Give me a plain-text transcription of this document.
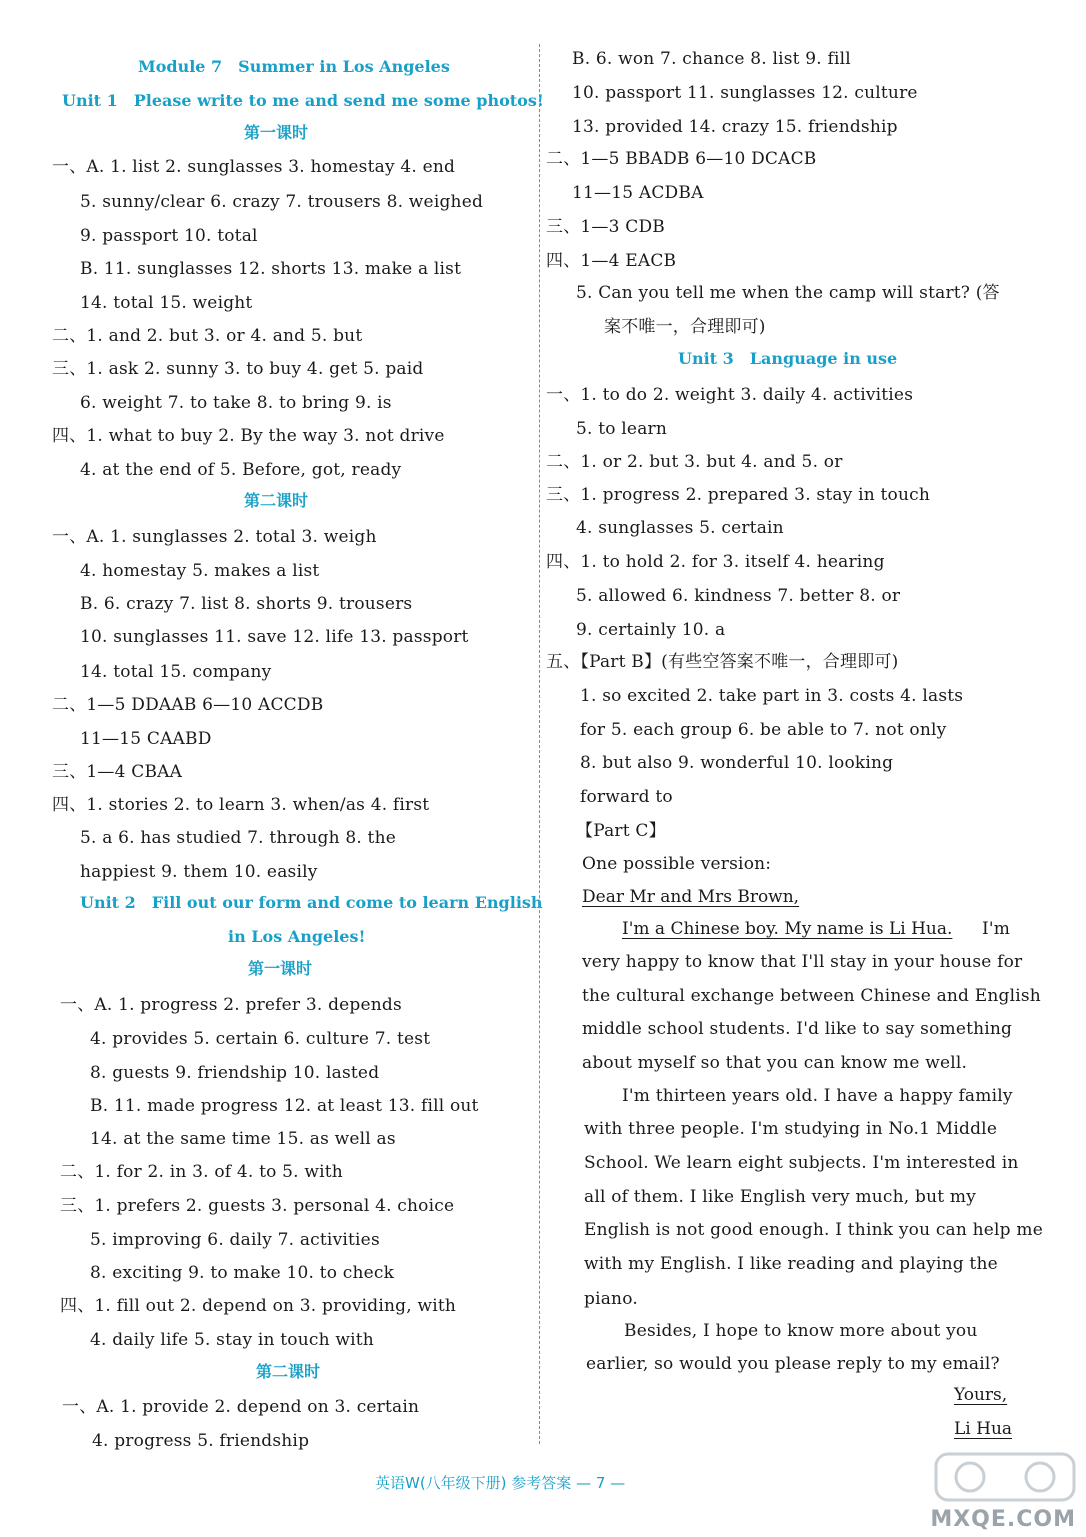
Module 7　Summer in Los Angeles
Unit 1　Please write to me and send me some photos!
第一课时
一、A. 1. list 2. sunglasses 3. homestay 4. end
5. sunny/clear 6. crazy 7. trousers 8. weighed
9. passport 10. total
B. 11. sunglasses 12. shorts 13. make a list
14. total 15. weight
二、1. and 2. but 3. or 4. and 5. but
三、1. ask 2. sunny 3. to buy 4. get 5. paid
6. weight 7. to take 8. to bring 9. is
四、1. what to buy 2. By the way 3. not drive
4. at the end of 5. Before, got, ready
第二课时
一、A. 1. sunglasses 2. total 3. weigh
4. homestay 5. makes a list
B. 6. crazy 7. list 8. shorts 9. trousers
10. sunglasses 11. save 12. life 13. passport
14. total 15. company
二、1—5 DDAAB 6—10 ACCDB
11—15 CAABD
三、1—4 CBAA
四、1. stories 2. to learn 3. when/as 4. first
5. a 6. has studied 7. through 8. the
happiest 9. them 10. easily
Unit 2　Fill out our form and come to learn English
in Los Angeles!
第一课时
一、A. 1. progress 2. prefer 3. depends
4. provides 5. certain 6. culture 7. test
8. guests 9. friendship 10. lasted
B. 11. made progress 12. at least 13. fill out
14. at the same time 15. as well as
二、1. for 2. in 3. of 4. to 5. with
三、1. prefers 2. guests 3. personal 4. choice
5. improving 6. daily 7. activities
8. exciting 9. to make 10. to check
四、1. fill out 2. depend on 3. providing, with
4. daily life 5. stay in touch with
第二课时
一、A. 1. provide 2. depend on 3. certain
4. progress 5. friendship
B. 6. won 7. chance 8. list 9. fill
10. passport 11. sunglasses 12. culture
13. provided 14. crazy 15. friendship
二、1—5 BBADB 6—10 DCACB
11—15 ACDBA
三、1—3 CDB
四、1—4 EACB
5. Can you tell me when the camp will start? (答
案不唯一，合理即可)
Unit 3　Language in use
一、1. to do 2. weight 3. daily 4. activities
5. to learn
二、1. or 2. but 3. but 4. and 5. or
三、1. progress 2. prepared 3. stay in touch
4. sunglasses 5. certain
四、1. to hold 2. for 3. itself 4. hearing
5. allowed 6. kindness 7. better 8. or
9. certainly 10. a
五、【Part B】(有些空答案不唯一，合理即可)
1. so excited 2. take part in 3. costs 4. lasts
for 5. each group 6. be able to 7. not only
8. but also 9. wonderful 10. looking
forward to
【Part C】
One possible version:
Dear Mr and Mrs Brown,
I'm a Chinese boy. My name is Li Hua. I'm
very happy to know that I'll stay in your house for
the cultural exchange between Chinese and English
middle school students. I'd like to say something
about myself so that you can know me well.
I'm thirteen years old. I have a happy family
with three people. I'm studying in No.1 Middle
School. We learn eight subjects. I'm interested in
all of them. I like English very much, but my
English is not good enough. I think you can help me
with my English. I like reading and playing the
piano.
Besides, I hope to know more about you
earlier, so would you please reply to my email?
Yours,
Li Hua
英语W(八年级下册) 参考答案 — 7 —
MXQE.COM
